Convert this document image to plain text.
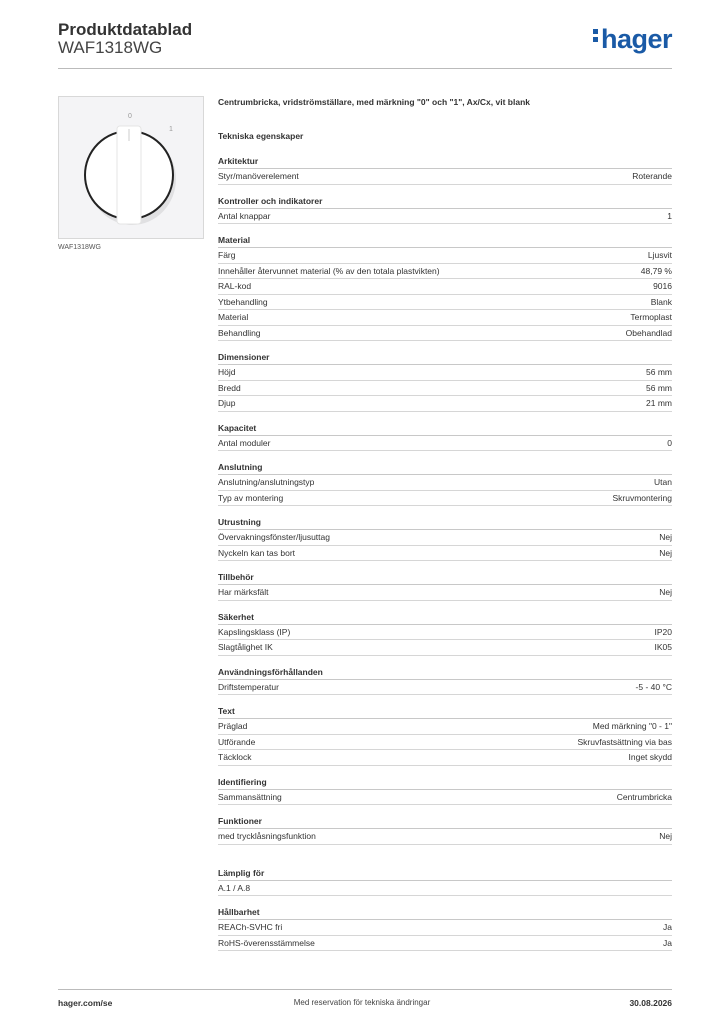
Produktdatablad
WAF1318WG	hager
0
1
WAF1318WG
Centrumbricka, vridströmställare, med märkning "0" och "1", Ax/Cx, vit blank
Tekniska egenskaper
Arkitektur
Styr/manöverelement	Roterande
Kontroller och indikatorer
Antal knappar	1
Material
Färg	Ljusvit
Innehåller återvunnet material (% av den totala plastvikten)	48,79 %
RAL-kod	9016
Ytbehandling	Blank
Material	Termoplast
Behandling	Obehandlad
Dimensioner
Höjd	56 mm
Bredd	56 mm
Djup	21 mm
Kapacitet
Antal moduler	0
Anslutning
Anslutning/anslutningstyp	Utan
Typ av montering	Skruvmontering
Utrustning
Övervakningsfönster/ljusuttag	Nej
Nyckeln kan tas bort	Nej
Tillbehör
Har märksfält	Nej
Säkerhet
Kapslingsklass (IP)	IP20
Slagtålighet IK	IK05
Användningsförhållanden
Driftstemperatur	-5 - 40 °C
Text
Präglad	Med märkning "0 - 1"
Utförande	Skruvfastsättning via bas
Täcklock	Inget skydd
Identifiering
Sammansättning	Centrumbricka
Funktioner
med trycklåsningsfunktion	Nej
Lämplig för
A.1 / A.8
Hållbarhet
REACh-SVHC fri	Ja
RoHS-överensstämmelse	Ja
hager.com/se	Med reservation för tekniska ändringar	30.08.2026
